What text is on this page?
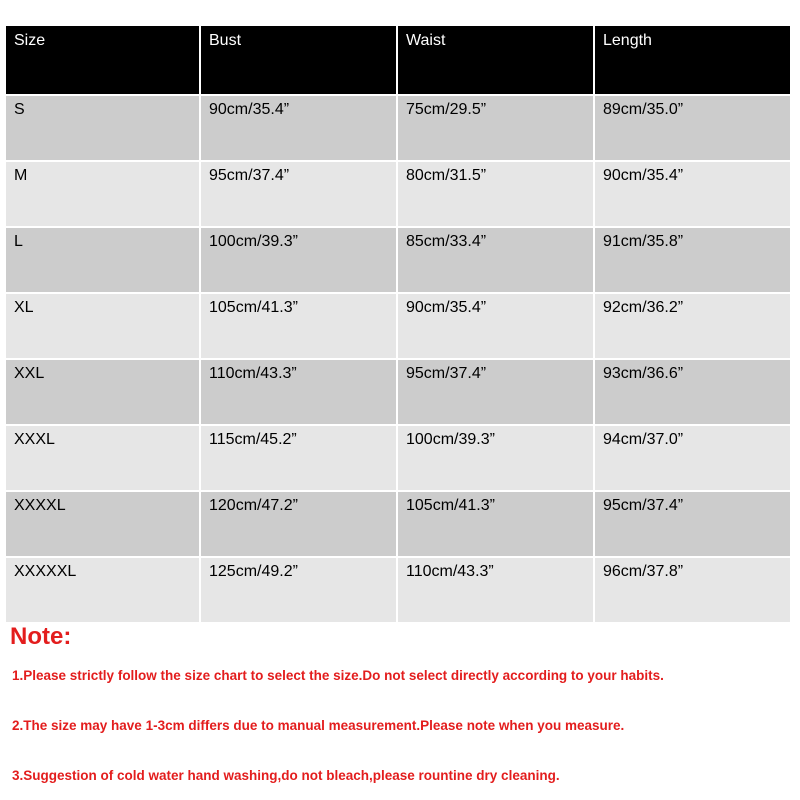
Size	Bust	Waist	Length
S	90cm/35.4”	75cm/29.5”	89cm/35.0”
M	95cm/37.4”	80cm/31.5”	90cm/35.4”
L	100cm/39.3”	85cm/33.4”	91cm/35.8”
XL	105cm/41.3”	90cm/35.4”	92cm/36.2”
XXL	110cm/43.3”	95cm/37.4”	93cm/36.6”
XXXL	115cm/45.2”	100cm/39.3”	94cm/37.0”
XXXXL	120cm/47.2”	105cm/41.3”	95cm/37.4”
XXXXXL	125cm/49.2”	110cm/43.3”	96cm/37.8”
Note:
1.Please strictly follow the size chart to select the size.Do not select directly according to your habits.
2.The size may have 1-3cm differs due to manual measurement.Please note when you measure.
3.Suggestion of cold water hand washing,do not bleach,please rountine dry cleaning.
